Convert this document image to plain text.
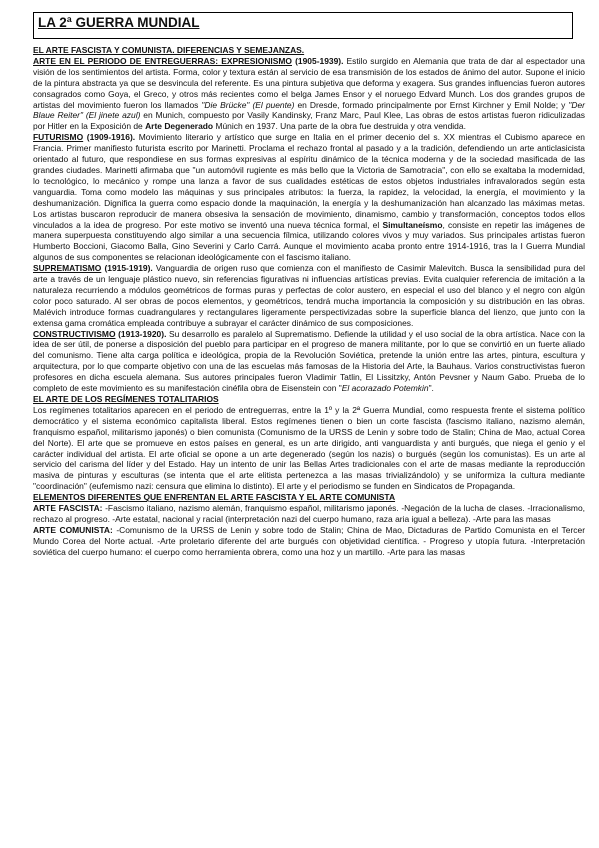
LA 2ª GUERRA MUNDIAL

EL ARTE FASCISTA Y COMUNISTA. DIFERENCIAS Y SEMEJANZAS.

ARTE EN EL PERIODO DE ENTREGUERRAS: EXPRESIONISMO (1905-1939). Estilo surgido en Alemania que trata de dar al espectador una visión de los sentimientos del artista. Forma, color y textura están al servicio de esa transmisión de los estados de ánimo del autor. Supone el inicio de la pintura abstracta ya que se desvincula del referente. Es una pintura subjetiva que deforma y exagera. Sus grandes influencias fueron autores consagrados como Goya, el Greco, y otros más recientes como el belga James Ensor y el noruego Edvard Munch. Los dos grandes grupos de artistas del movimiento fueron los llamados "Die Brücke" (El puente) en Dresde, formado principalmente por Ernst Kirchner y Emil Nolde; y "Der Blaue Reiter" (El jinete azul) en Munich, compuesto por Vasily Kandinsky, Franz Marc, Paul Klee, Las obras de estos artistas fueron ridiculizadas por Hitler en la Exposición de Arte Degenerado Múnich en 1937. Una parte de la obra fue destruida y otra vendida.

FUTURISMO (1909-1916). Movimiento literario y artístico que surge en Italia en el primer decenio del s. XX mientras el Cubismo aparece en Francia. Primer manifiesto futurista escrito por Marinetti. Proclama el rechazo frontal al pasado y a la tradición, defendiendo un arte anticlasicista orientado al futuro, que respondiese en sus formas expresivas al espíritu dinámico de la técnica moderna y de la sociedad masificada de las grandes ciudades. Marinetti afirmaba que "un automóvil rugiente es más bello que la Victoria de Samotracia", con ello se exaltaba la modernidad, lo tecnológico, lo mecánico y rompe una lanza a favor de sus cualidades estéticas de estos objetos industriales infravalorados según esta vanguardia. Toma como modelo las máquinas y sus principales atributos: la fuerza, la rapidez, la velocidad, la energía, el movimiento y la deshumanización. Dignifica la guerra como espacio donde la maquinación, la energía y la deshumanización han alcanzado las máximas metas. Los artistas buscaron reproducir de manera obsesiva la sensación de movimiento, dinamismo, cambio y transformación, conceptos todos ellos vinculados a la idea de progreso. Por este motivo se inventó una nueva técnica formal, el Simultaneísmo, consiste en repetir las imágenes de manera superpuesta constituyendo algo similar a una secuencia fílmica, utilizando colores vivos y muy variados. Sus principales artistas fueron Humberto Boccioni, Giacomo Balla, Gino Severini y Carlo Carrá. Aunque el movimiento acaba pronto entre 1914-1916, tras la I Guerra Mundial algunos de sus componentes se relacionan ideológicamente con el fascismo italiano.

SUPREMATISMO (1915-1919). Vanguardia de origen ruso que comienza con el manifiesto de Casimir Malevitch. Busca la sensibilidad pura del arte a través de un lenguaje plástico nuevo, sin referencias figurativas ni influencias artísticas previas. Evita cualquier referencia de imitación a la naturaleza recurriendo a módulos geométricos de formas puras y perfectas de color austero, en especial el uso del blanco y el negro con algún color poco saturado. Al ser obras de pocos elementos, y geométricos, tendrá mucha importancia la composición y su distribución en las obras. Malévich introduce formas cuadrangulares y rectangulares ligeramente perspectivizadas sobre la superficie blanca del lienzo, que junto con la extensa gama cromática empleada contribuye a subrayar el carácter dinámico de sus composiciones.

CONSTRUCTIVISMO (1913-1920). Su desarrollo es paralelo al Suprematismo. Defiende la utilidad y el uso social de la obra artística. Nace con la idea de ser útil, de ponerse a disposición del pueblo para participar en el progreso de manera militante, por lo que se convirtió en un fuerte aliado del comunismo. Tiene alta carga política e ideológica, propia de la Revolución Soviética, pretende la unión entre las artes, pintura, escultura y arquitectura, por lo que comparte objetivo con una de las escuelas más famosas de la Historia del Arte, la Bauhaus. Varios constructivistas fueron profesores en dicha escuela alemana. Sus autores principales fueron Vladimir Tatlin, El Lissitzky, Antón Pevsner y Naum Gabo. Prueba de lo completo de este movimiento es su manifestación cinéfila obra de Eisenstein con "El acorazado Potemkin".

EL ARTE DE LOS REGÍMENES TOTALITARIOS

Los regímenes totalitarios aparecen en el periodo de entreguerras, entre la 1º y la 2ª Guerra Mundial, como respuesta frente el sistema político democrático y el sistema económico capitalista liberal. Estos regímenes tienen o bien un corte fascista (fascismo italiano, nazismo alemán, franquismo español, militarismo japonés) o bien comunista (Comunismo de la URSS de Lenin y sobre todo de Stalin; China de Mao, actual Corea del Norte). El arte que se promueve en estos países en general, es un arte dirigido, anti vanguardista y anti burgués, que niega el genio y el carácter individual del artista. El arte oficial se opone a un arte degenerado (según los nazis) o burgués (según los comunistas). Es un arte al servicio del carisma del líder y del Estado. Hay un intento de unir las Bellas Artes tradicionales con el arte de masas mediante la reproducción masiva de pinturas y esculturas (se intenta que el arte elitista pertenezca a las masas trivializándolo) y se uniformiza la cultura mediante "coordinación" (eufemismo nazi: censura que elimina lo distinto). El arte y el periodismo se funden en Sindicatos de Propaganda.

ELEMENTOS DIFERENTES QUE ENFRENTAN EL ARTE FASCISTA Y EL ARTE COMUNISTA

ARTE FASCISTA: -Fascismo italiano, nazismo alemán, franquismo español, militarismo japonés. -Negación de la lucha de clases. -Irracionalismo, rechazo al progreso. -Arte estatal, nacional y racial (interpretación nazi del cuerpo humano, raza aria igual a belleza). -Arte para las masas

ARTE COMUNISTA: -Comunismo de la URSS de Lenin y sobre todo de Stalin; China de Mao, Dictaduras de Partido Comunista en el Tercer Mundo Corea del Norte actual. -Arte proletario diferente del arte burgués con objetividad científica. - Progreso y utopía futura. -Interpretación soviética del cuerpo humano: el cuerpo como herramienta obrera, como una hoz y un martillo. -Arte para las masas
